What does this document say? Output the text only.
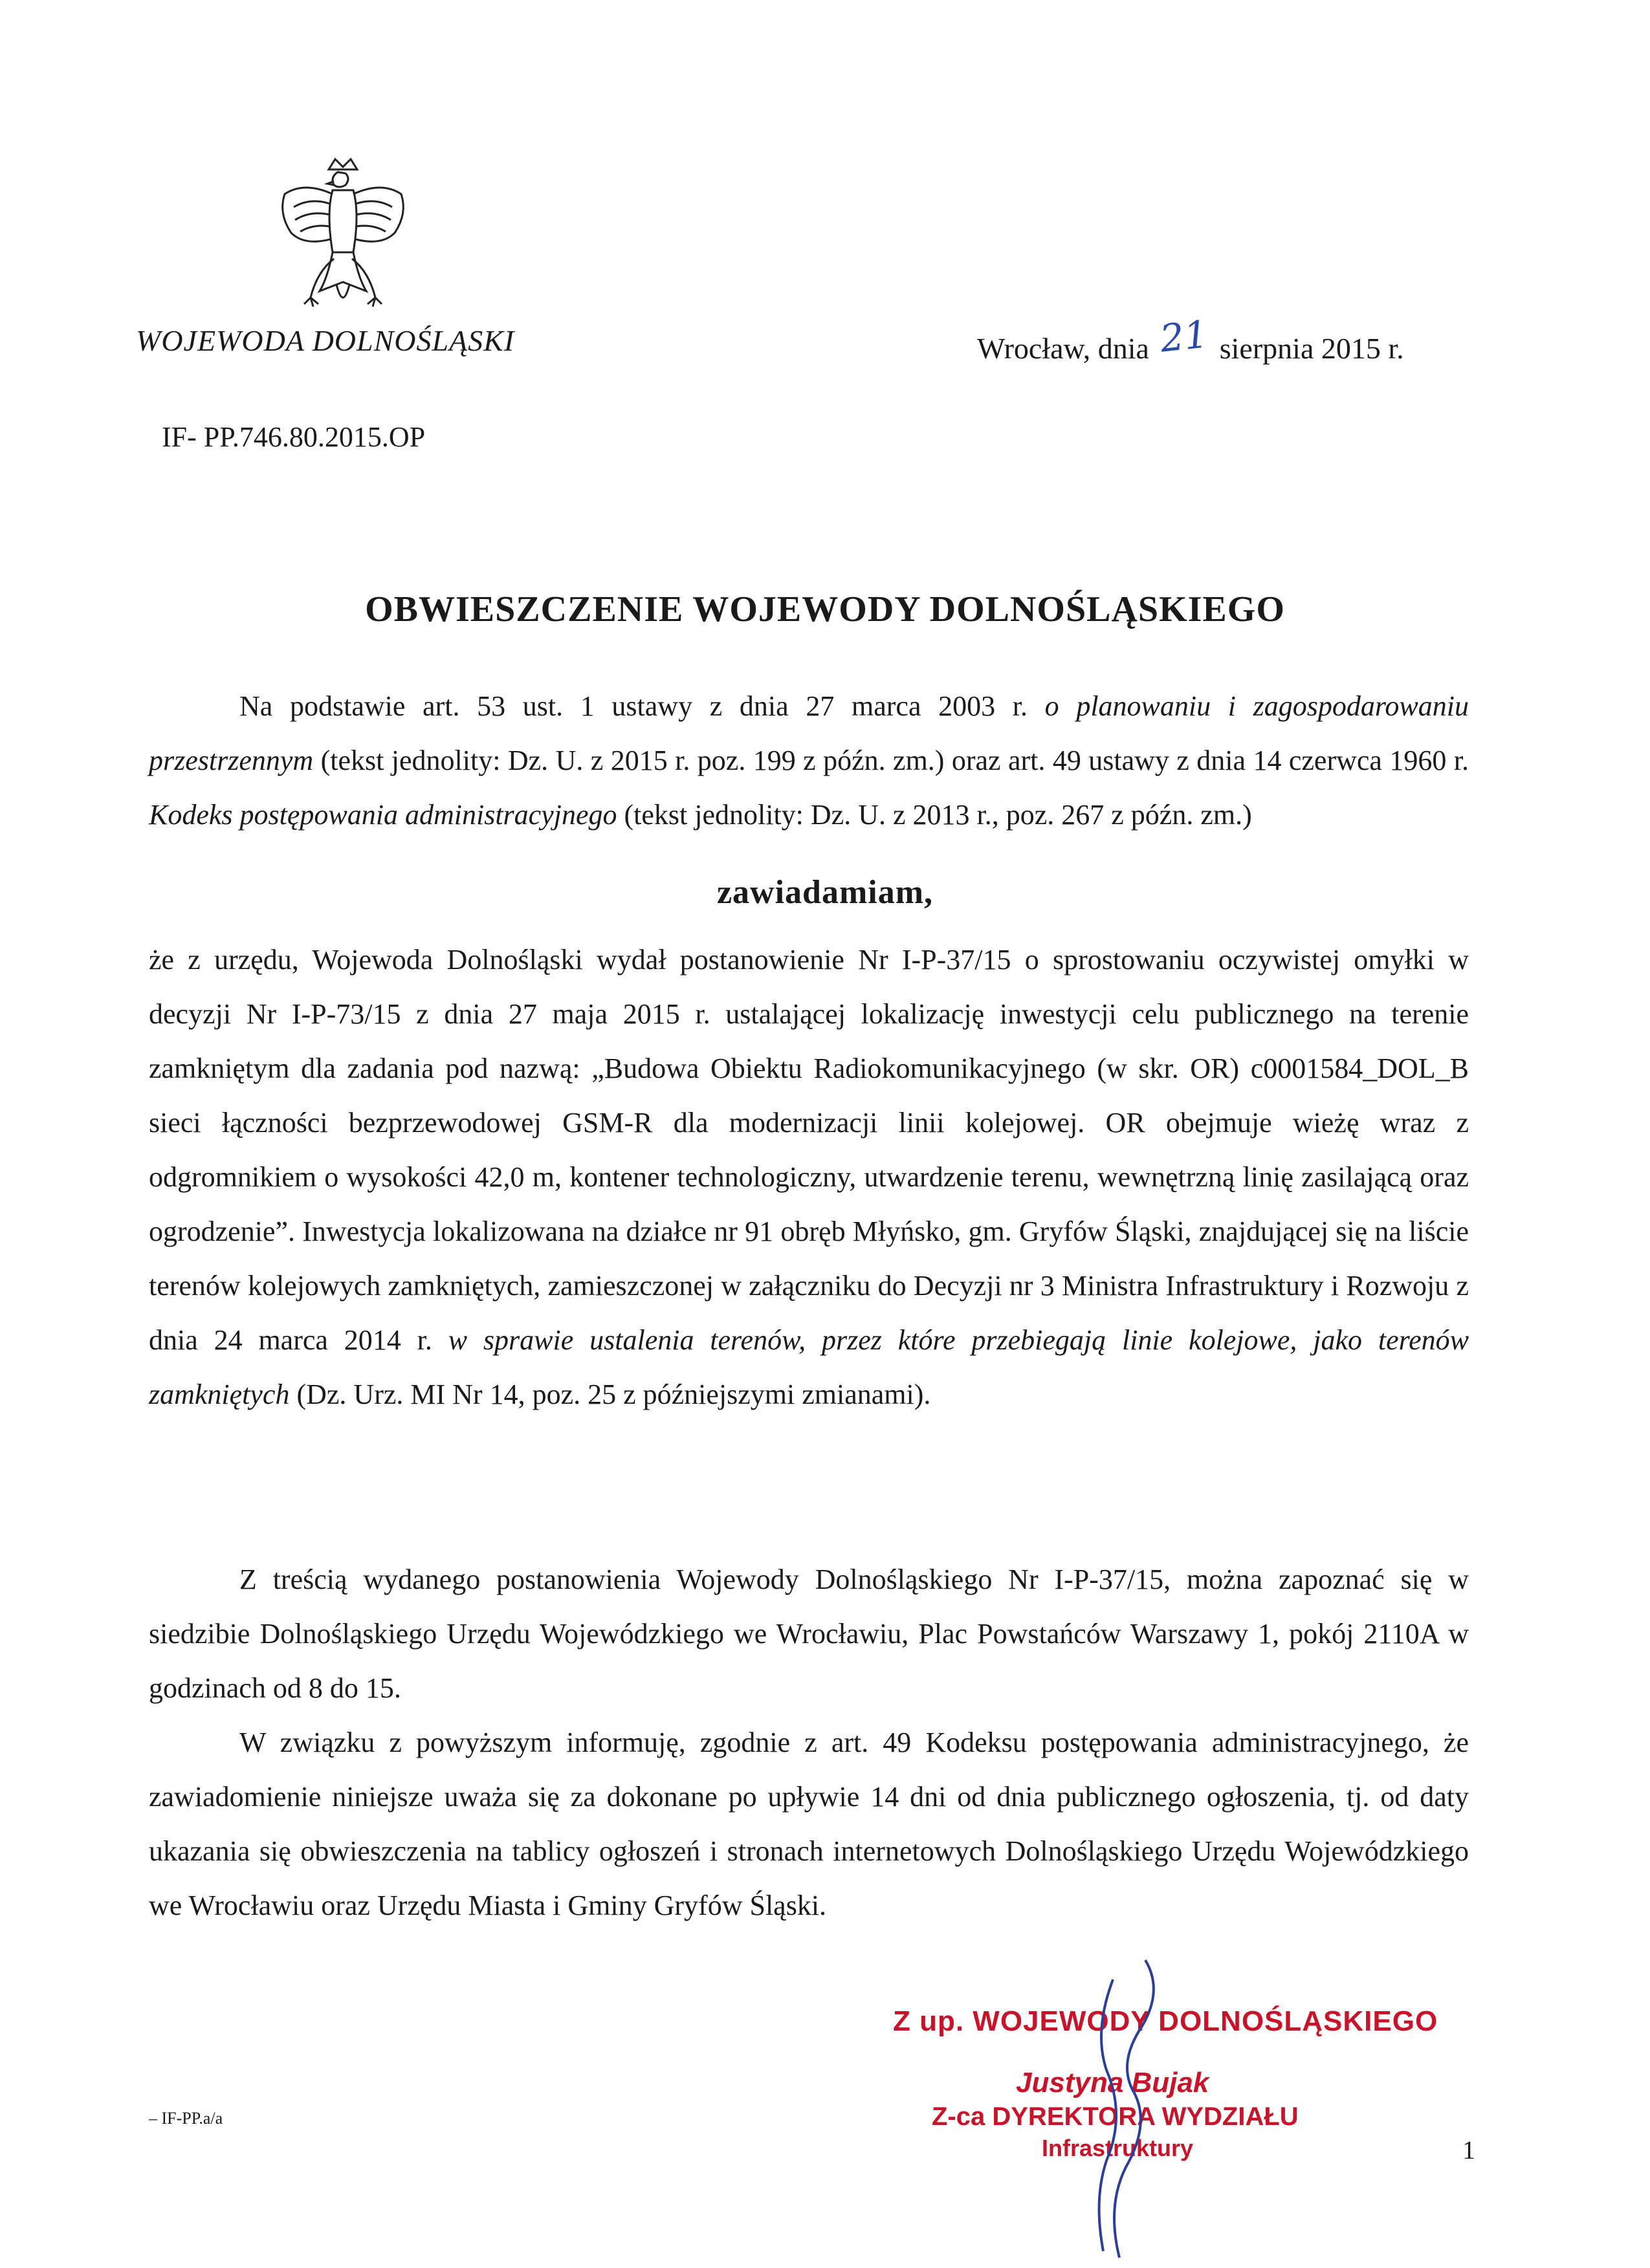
WOJEWODA DOLNOŚLĄSKI	Wrocław, dnia 21 sierpnia 2015 r.
IF- PP.746.80.2015.OP
OBWIESZCZENIE WOJEWODY DOLNOŚLĄSKIEGO
Na podstawie art. 53 ust. 1 ustawy z dnia 27 marca 2003 r. o planowaniu i zagospodarowaniu przestrzennym (tekst jednolity: Dz. U. z 2015 r. poz. 199 z późn. zm.) oraz art. 49 ustawy z dnia 14 czerwca 1960 r. Kodeks postępowania administracyjnego (tekst jednolity: Dz. U. z 2013 r., poz. 267 z późn. zm.)
zawiadamiam,
że z urzędu, Wojewoda Dolnośląski wydał postanowienie Nr I-P-37/15 o sprostowaniu oczywistej omyłki w decyzji Nr I-P-73/15 z dnia 27 maja 2015 r. ustalającej lokalizację inwestycji celu publicznego na terenie zamkniętym dla zadania pod nazwą: „Budowa Obiektu Radiokomunikacyjnego (w skr. OR) c0001584_DOL_B sieci łączności bezprzewodowej GSM-R dla modernizacji linii kolejowej. OR obejmuje wieżę wraz z odgromnikiem o wysokości 42,0 m, kontener technologiczny, utwardzenie terenu, wewnętrzną linię zasilającą oraz ogrodzenie”. Inwestycja lokalizowana na działce nr 91 obręb Młyńsko, gm. Gryfów Śląski, znajdującej się na liście terenów kolejowych zamkniętych, zamieszczonej w załączniku do Decyzji nr 3 Ministra Infrastruktury i Rozwoju z dnia 24 marca 2014 r. w sprawie ustalenia terenów, przez które przebiegają linie kolejowe, jako terenów zamkniętych (Dz. Urz. MI Nr 14, poz. 25 z późniejszymi zmianami).
Z treścią wydanego postanowienia Wojewody Dolnośląskiego Nr I-P-37/15, można zapoznać się w siedzibie Dolnośląskiego Urzędu Wojewódzkiego we Wrocławiu, Plac Powstańców Warszawy 1, pokój 2110A w godzinach od 8 do 15.
W związku z powyższym informuję, zgodnie z art. 49 Kodeksu postępowania administracyjnego, że zawiadomienie niniejsze uważa się za dokonane po upływie 14 dni od dnia publicznego ogłoszenia, tj. od daty ukazania się obwieszczenia na tablicy ogłoszeń i stronach internetowych Dolnośląskiego Urzędu Wojewódzkiego we Wrocławiu oraz Urzędu Miasta i Gminy Gryfów Śląski.
Z up. WOJEWODY DOLNOŚLĄSKIEGO
Justyna Bujak
Z-ca DYREKTORA WYDZIAŁU
Infrastruktury
– IF-PP.a/a
1
